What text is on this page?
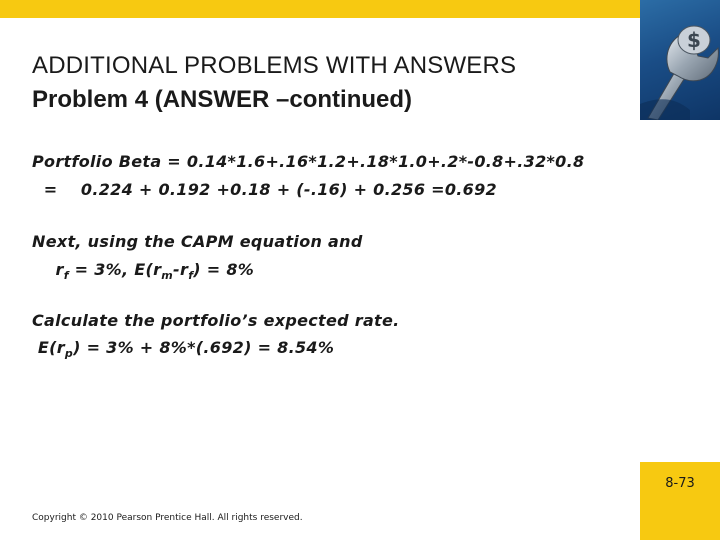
$
ADDITIONAL PROBLEMS WITH ANSWERS
Problem 4 (ANSWER –continued)

Portfolio Beta = 0.14*1.6+.16*1.2+.18*1.0+.2*-0.8+.32*0.8

=    0.224 + 0.192 +0.18 + (-.16) + 0.256 =0.692

Next, using the CAPM equation and

$r_f = 3\%$, $E(r_m-r_f) = 8\%$

Calculate the portfolio’s expected rate.

$E(r_p) = 3\% + 8\%*(.692) = 8.54\%$

Copyright © 2010 Pearson Prentice Hall. All rights reserved.

8-73
